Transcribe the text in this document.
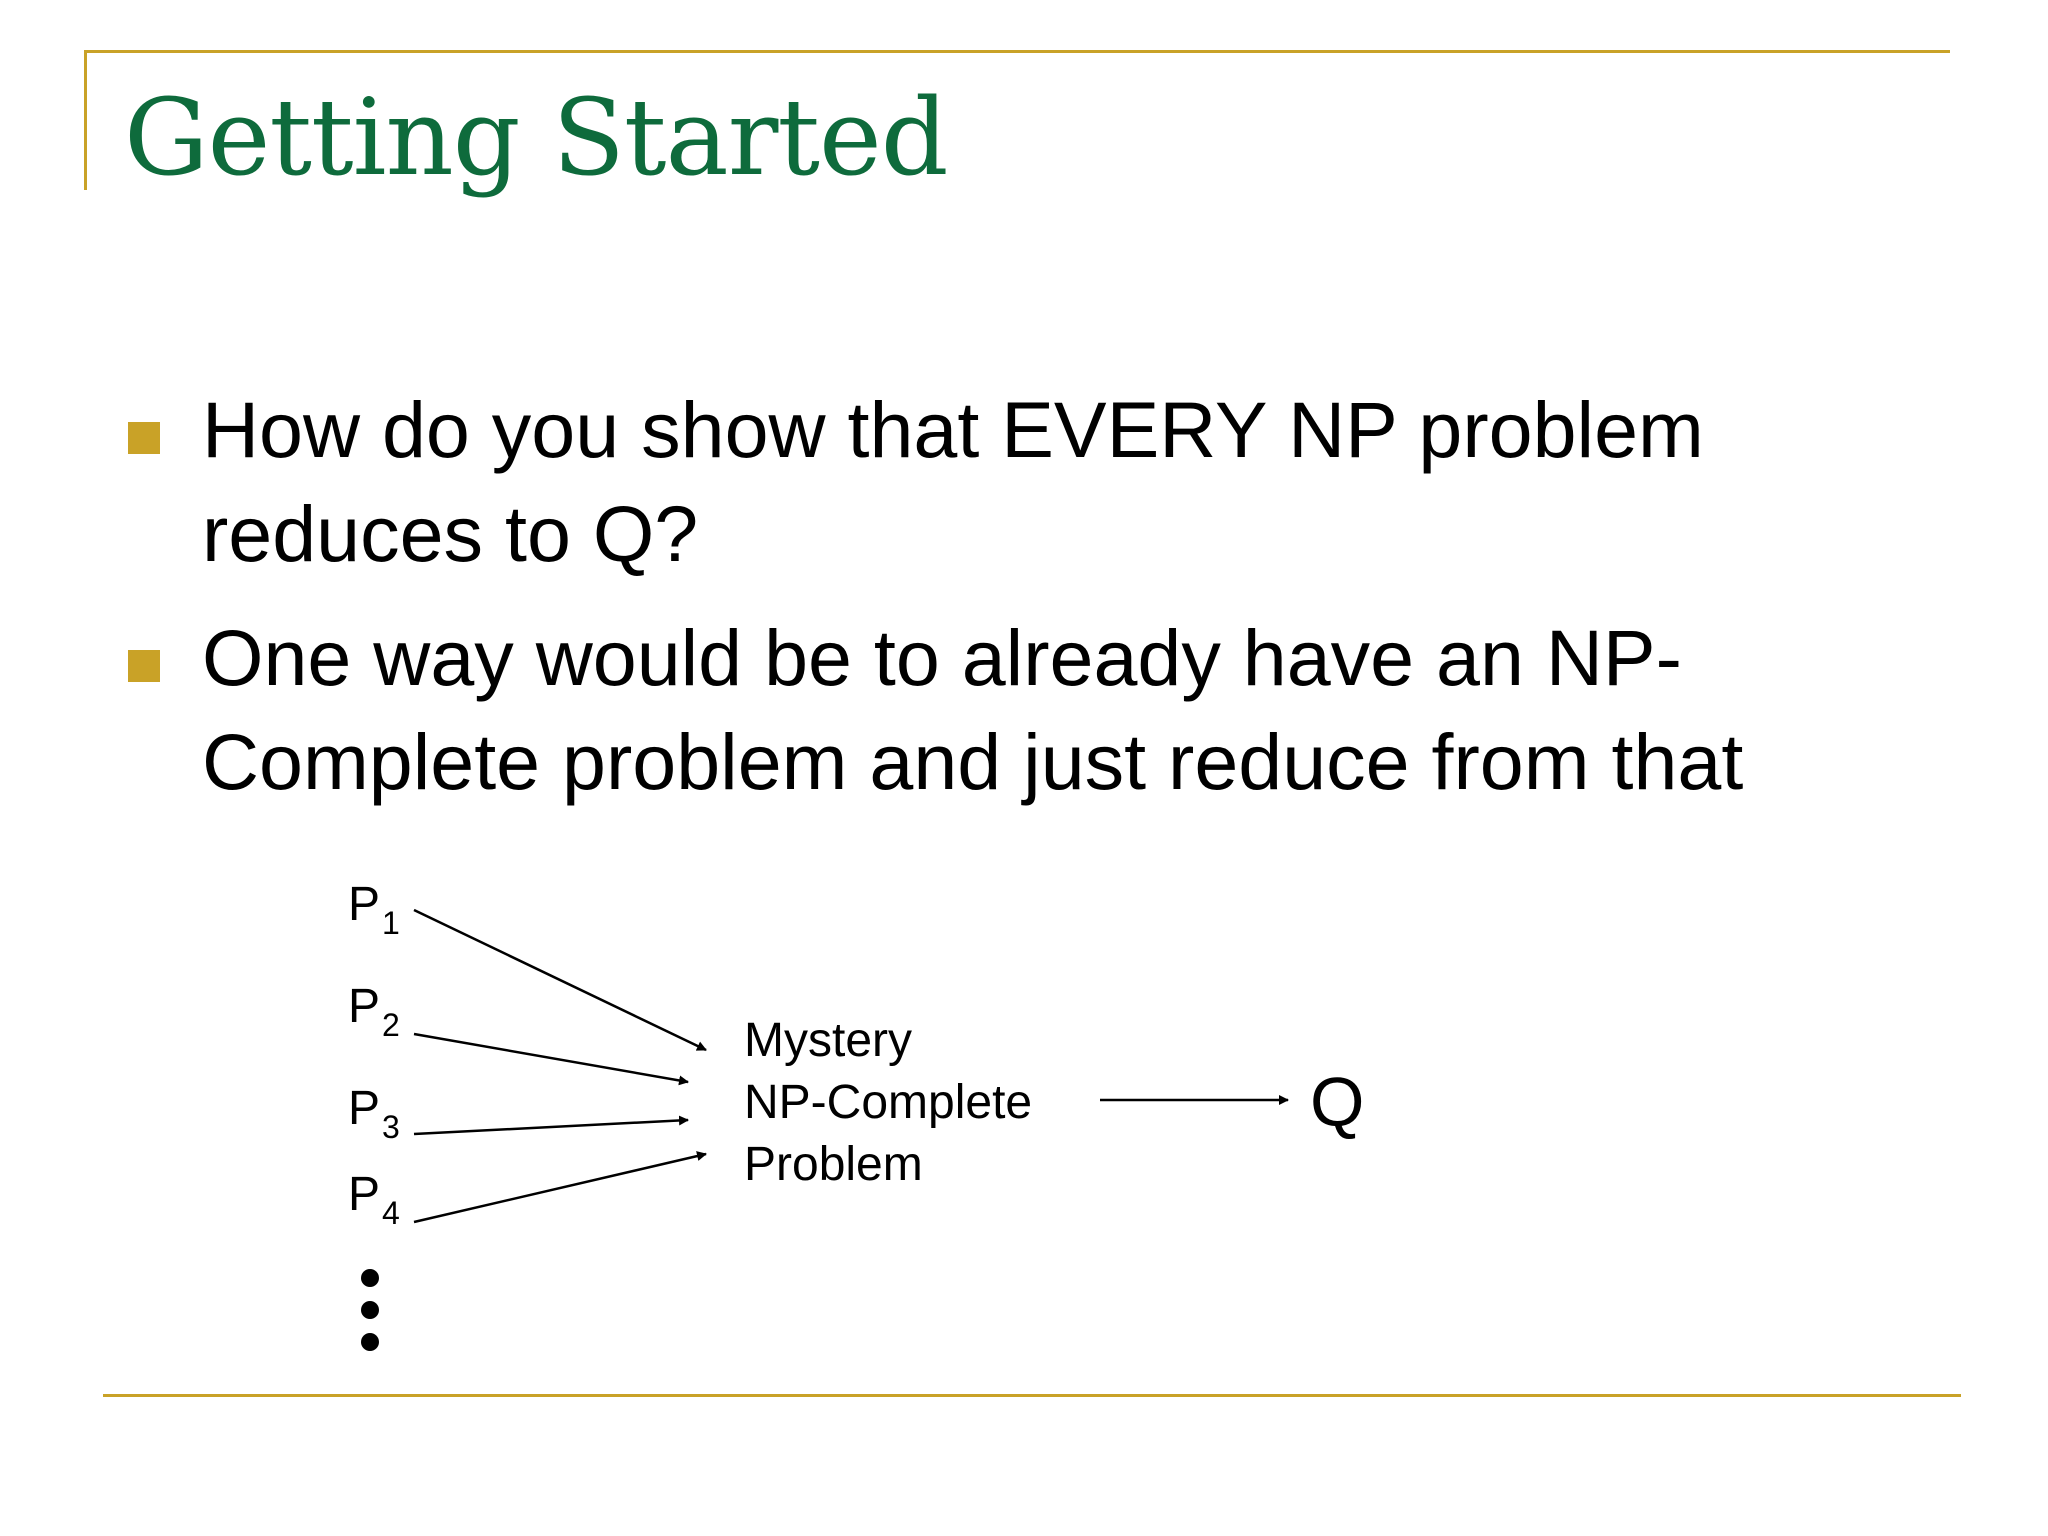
Getting Started

How do you show that EVERY NP problem reduces to Q?

One way would be to already have an NP-Complete problem and just reduce from that

$P_1$
$P_2$
$P_3$
$P_4$
Mystery
NP-Complete
Problem
Q
